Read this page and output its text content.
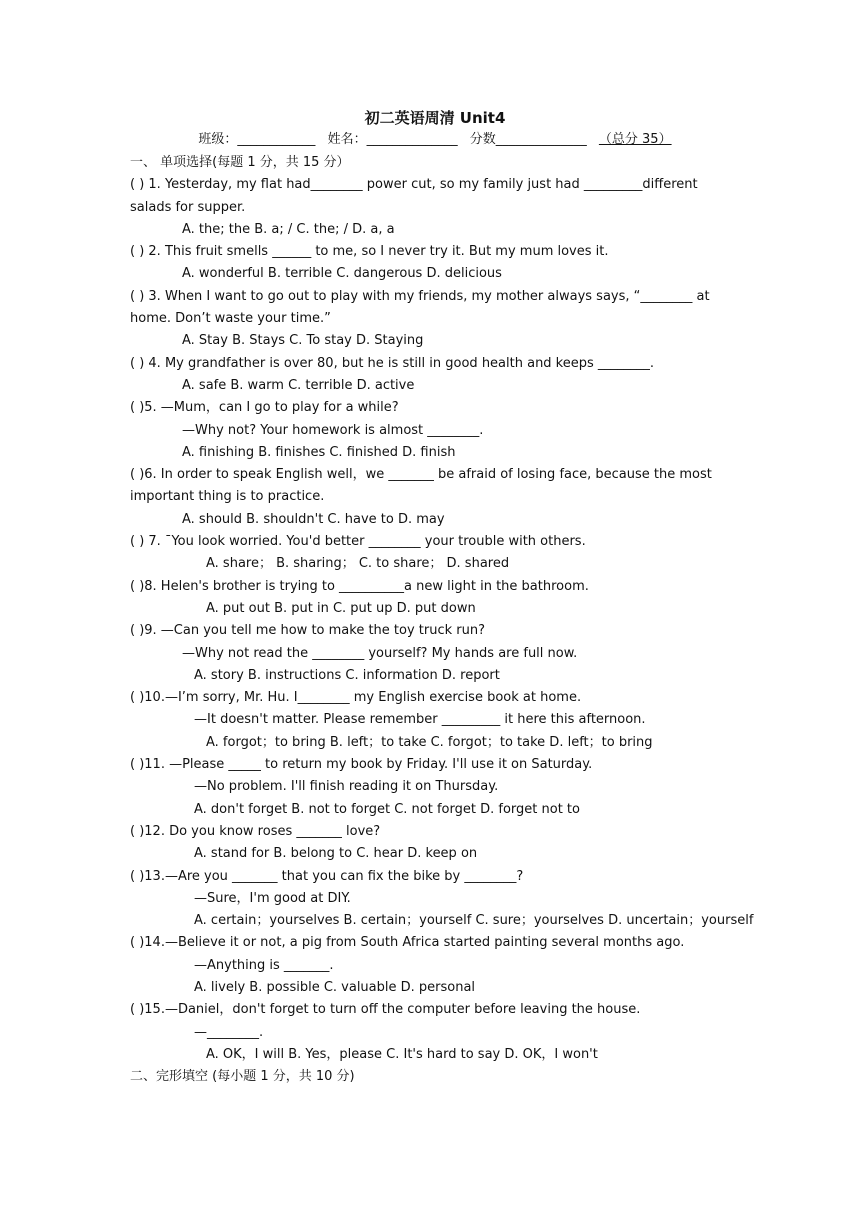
初二英语周清 Unit4
班级：____________ 姓名：______________ 分数______________ （总分 35）
一、 单项选择(每题 1 分，共 15 分）
( ) 1. Yesterday, my flat had________ power cut, so my family just had _________different
salads for supper.
A. the; the B. a; / C. the; / D. a, a
( ) 2. This fruit smells ______ to me, so I never try it. But my mum loves it.
A. wonderful B. terrible C. dangerous D. delicious
( ) 3. When I want to go out to play with my friends, my mother always says, “________ at
home. Don’t waste your time.”
A. Stay B. Stays C. To stay D. Staying
( ) 4. My grandfather is over 80, but he is still in good health and keeps ________.
A. safe B. warm C. terrible D. active
( )5. —Mum，can I go to play for a while?
—Why not? Your homework is almost ________.
A. finishing B. finishes C. finished D. finish
( )6. In order to speak English well，we _______ be afraid of losing face, because the most
important thing is to practice.
A. should B. shouldn't C. have to D. may
( ) 7. ¯You look worried. You'd better ________ your trouble with others.
A. share； B. sharing； C. to share； D. shared
( )8. Helen's brother is trying to __________a new light in the bathroom.
A. put out B. put in C. put up D. put down
( )9. —Can you tell me how to make the toy truck run?
—Why not read the ________ yourself? My hands are full now.
A. story B. instructions C. information D. report
( )10.—I’m sorry, Mr. Hu. I________ my English exercise book at home.
—It doesn't matter. Please remember _________ it here this afternoon.
A. forgot；to bring B. left；to take C. forgot；to take D. left；to bring
( )11. —Please _____ to return my book by Friday. I'll use it on Saturday.
—No problem. I'll finish reading it on Thursday.
A. don't forget B. not to forget C. not forget D. forget not to
( )12. Do you know roses _______ love?
A. stand for B. belong to C. hear D. keep on
( )13.—Are you _______ that you can fix the bike by ________?
—Sure，I'm good at DIY.
A. certain；yourselves B. certain；yourself C. sure；yourselves D. uncertain；yourself
( )14.—Believe it or not, a pig from South Africa started painting several months ago.
—Anything is _______.
A. lively B. possible C. valuable D. personal
( )15.—Daniel，don't forget to turn off the computer before leaving the house.
—________.
A. OK，I will B. Yes，please C. It's hard to say D. OK，I won't
二、完形填空 (每小题 1 分，共 10 分)
